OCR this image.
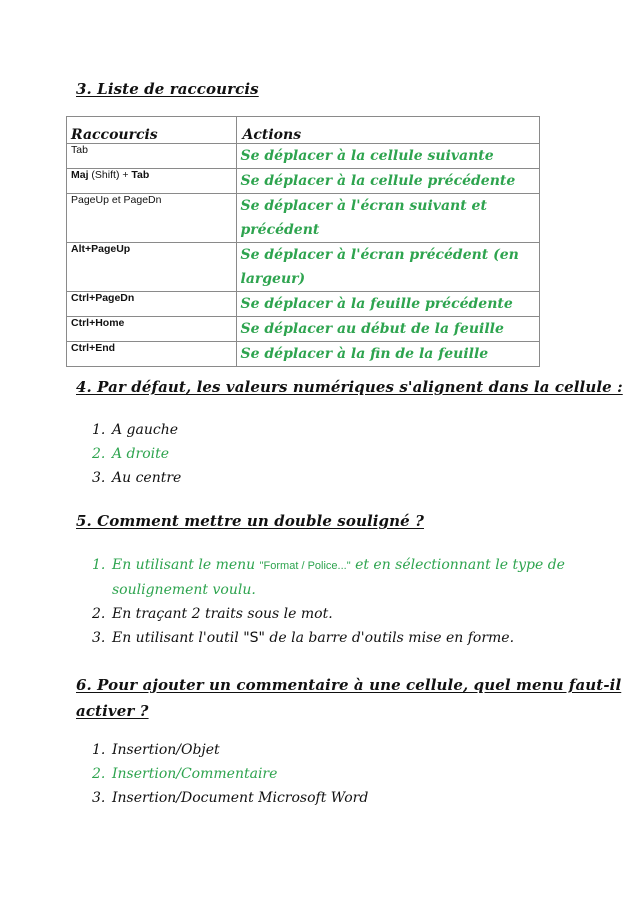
3. Liste de raccourcis
Raccourcis	Actions
Tab	Se déplacer à la cellule suivante
Maj (Shift) + Tab	Se déplacer à la cellule précédente
PageUp et PageDn	Se déplacer à l'écran suivant et précédent
Alt+PageUp	Se déplacer à l'écran précédent (en largeur)
Ctrl+PageDn	Se déplacer à la feuille précédente
Ctrl+Home	Se déplacer au début de la feuille
Ctrl+End	Se déplacer à la fin de la feuille
4. Par défaut, les valeurs numériques s'alignent dans la cellule :
1. A gauche
2. A droite
3. Au centre
5. Comment mettre un double souligné ?
1. En utilisant le menu "Format / Police..." et en sélectionnant le type de
soulignement voulu.
2. En traçant 2 traits sous le mot.
3. En utilisant l'outil "S" de la barre d'outils mise en forme.
6. Pour ajouter un commentaire à une cellule, quel menu faut-il
activer ?
1. Insertion/Objet
2. Insertion/Commentaire
3. Insertion/Document Microsoft Word
